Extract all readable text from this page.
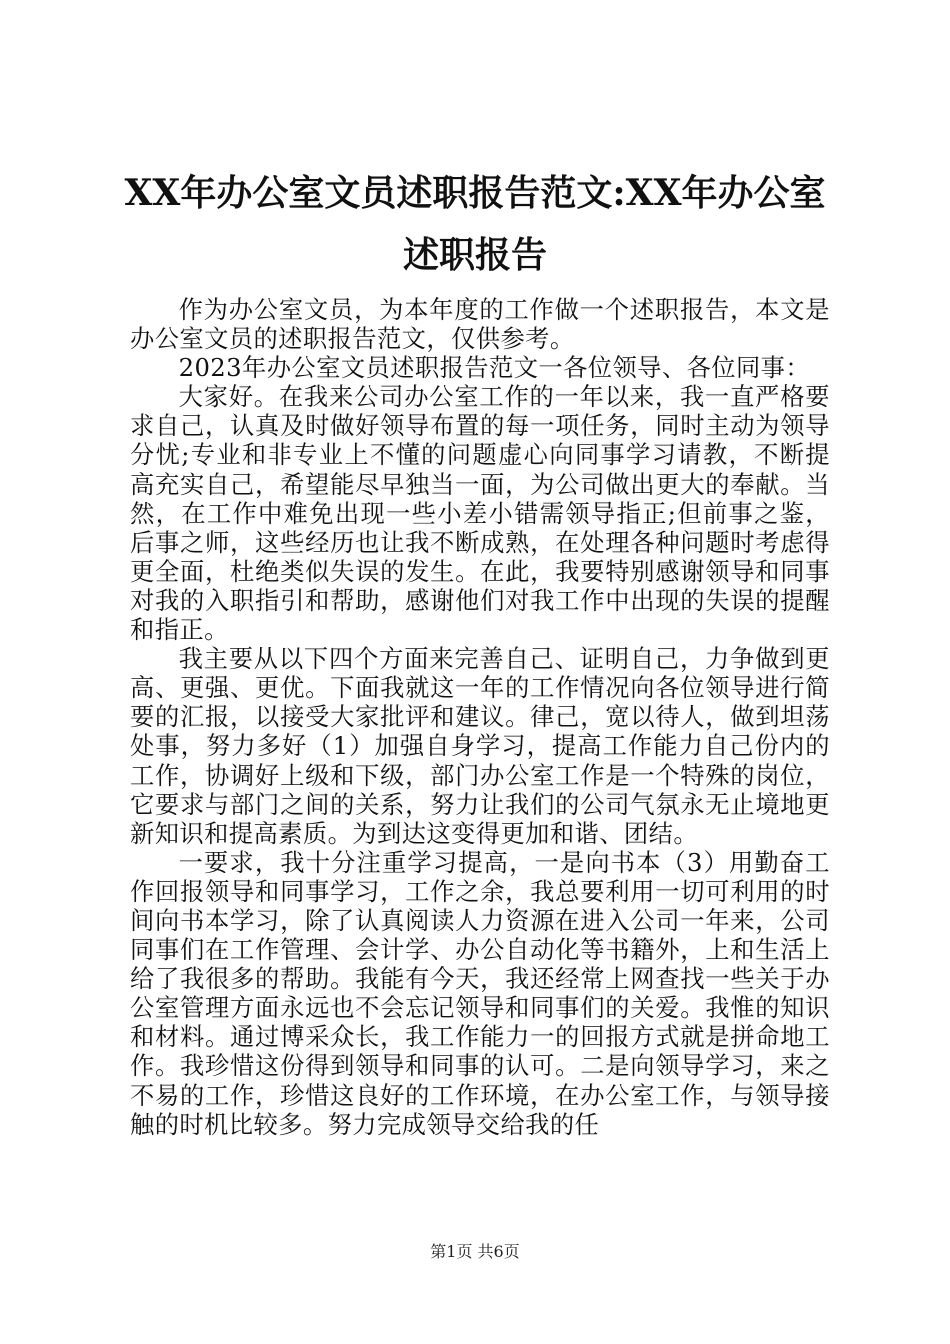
XX年办公室文员述职报告范文:XX年办公室述职报告

作为办公室文员，为本年度的工作做一个述职报告，本文是办公室文员的述职报告范文，仅供参考。

2023年办公室文员述职报告范文一各位领导、各位同事：

大家好。在我来公司办公室工作的一年以来，我一直严格要求自己，认真及时做好领导布置的每一项任务，同时主动为领导分忧;专业和非专业上不懂的问题虚心向同事学习请教，不断提高充实自己，希望能尽早独当一面，为公司做出更大的奉献。当然，在工作中难免出现一些小差小错需领导指正;但前事之鉴，后事之师，这些经历也让我不断成熟，在处理各种问题时考虑得更全面，杜绝类似失误的发生。在此，我要特别感谢领导和同事对我的入职指引和帮助，感谢他们对我工作中出现的失误的提醒和指正。

我主要从以下四个方面来完善自己、证明自己，力争做到更高、更强、更优。下面我就这一年的工作情况向各位领导进行简要的汇报，以接受大家批评和建议。律己，宽以待人，做到坦荡处事，努力多好（1）加强自身学习，提高工作能力自己份内的工作，协调好上级和下级，部门办公室工作是一个特殊的岗位，它要求与部门之间的关系，努力让我们的公司气氛永无止境地更新知识和提高素质。为到达这变得更加和谐、团结。

一要求，我十分注重学习提高，一是向书本（3）用勤奋工作回报领导和同事学习，工作之余，我总要利用一切可利用的时间向书本学习，除了认真阅读人力资源在进入公司一年来，公司同事们在工作管理、会计学、办公自动化等书籍外，上和生活上给了我很多的帮助。我能有今天，我还经常上网查找一些关于办公室管理方面永远也不会忘记领导和同事们的关爱。我惟的知识和材料。通过博采众长，我工作能力一的回报方式就是拼命地工作。我珍惜这份得到领导和同事的认可。二是向领导学习，来之不易的工作，珍惜这良好的工作环境，在办公室工作，与领导接触的时机比较多。努力完成领导交给我的任

第1页 共6页
